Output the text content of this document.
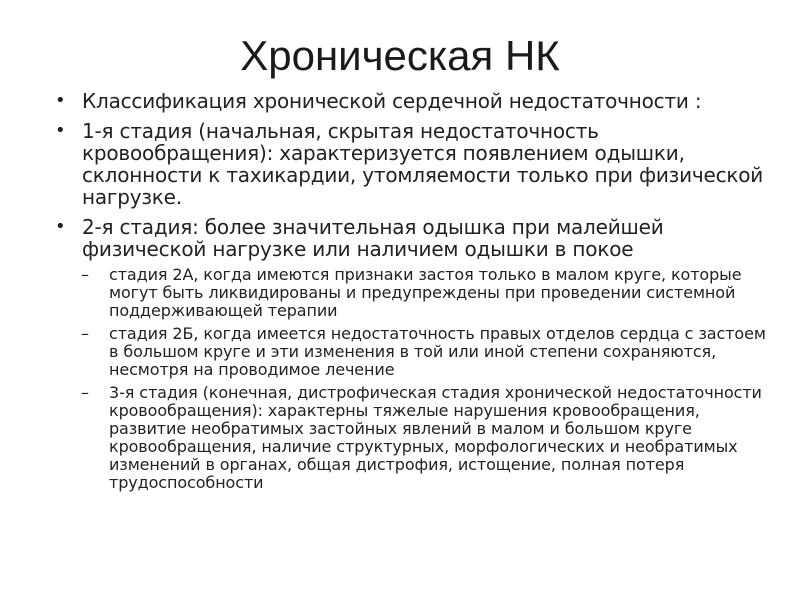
Хроническая НК
• Классификация хронической сердечной недостаточности :
• 1-я стадия (начальная, скрытая недостаточность кровообращения): характеризуется появлением одышки, склонности к тахикардии, утомляемости только при физической нагрузке.
• 2-я стадия: более значительная одышка при малейшей физической нагрузке или наличием одышки в покое
– стадия 2А, когда имеются признаки застоя только в малом круге, которые могут быть ликвидированы и предупреждены при проведении системной поддерживающей терапии
– стадия 2Б, когда имеется недостаточность правых отделов сердца с застоем в большом круге и эти изменения в той или иной степени сохраняются, несмотря на проводимое лечение
– 3-я стадия (конечная, дистрофическая стадия хронической недостаточности кровообращения): характерны тяжелые нарушения кровообращения, развитие необратимых застойных явлений в малом и большом круге кровообращения, наличие структурных, морфологических и необратимых изменений в органах, общая дистрофия, истощение, полная потеря трудоспособности
